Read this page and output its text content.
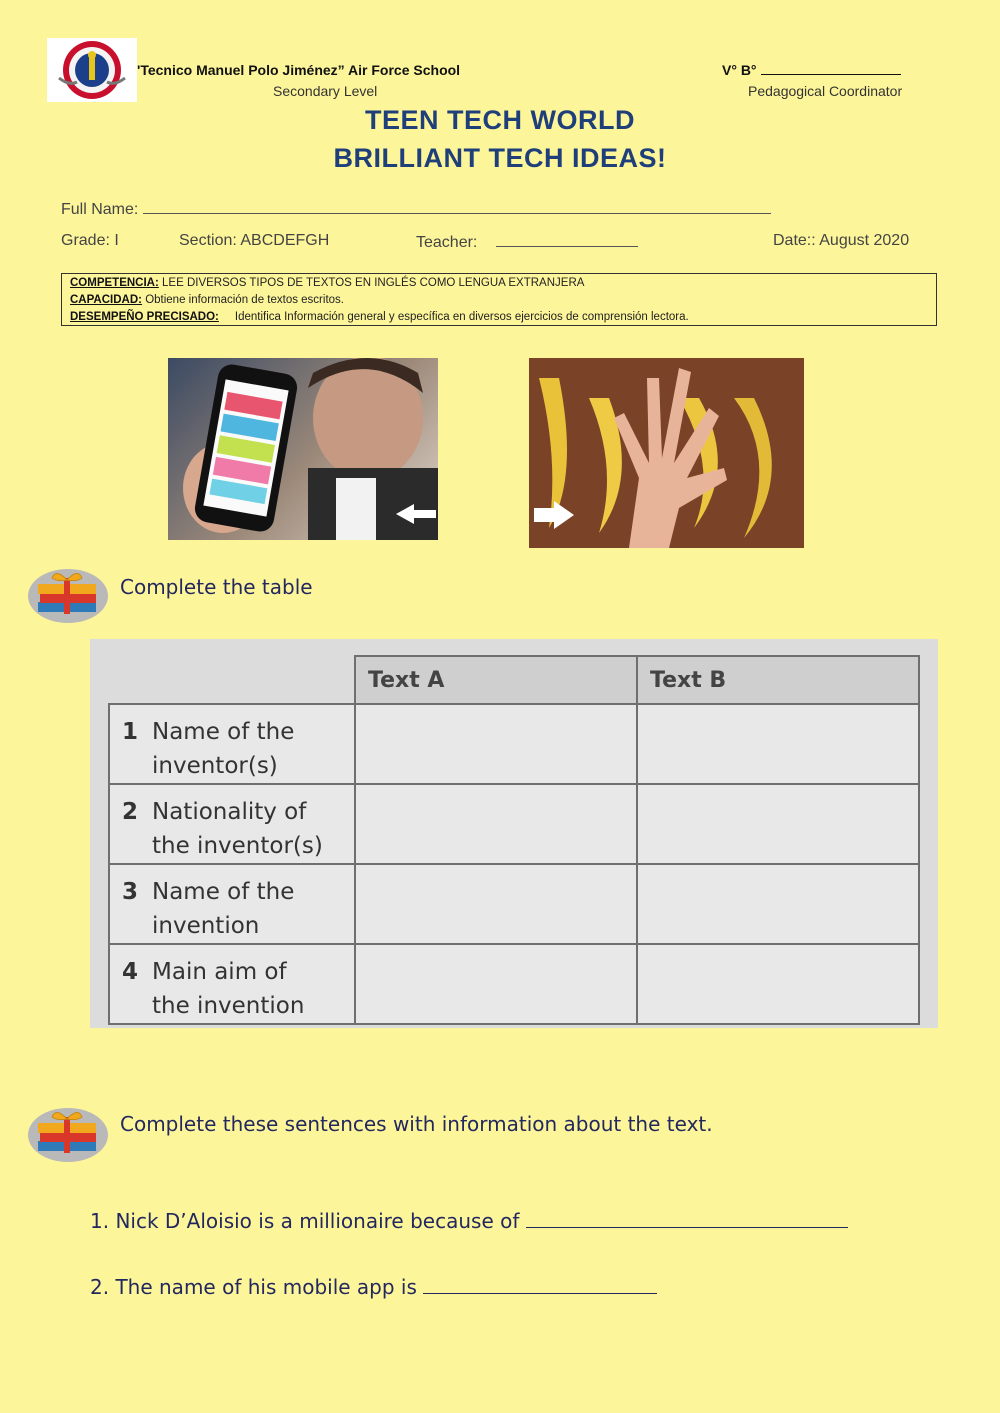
'Tecnico Manuel Polo Jiménez” Air Force School
Secondary Level
V° B°
Pedagogical Coordinator
TEEN TECH WORLD
BRILLIANT TECH IDEAS!
Full Name:
Grade: I	Section: ABCDEFGH	Teacher:	Date:: August 2020
COMPETENCIA: LEE DIVERSOS TIPOS DE TEXTOS EN INGLÉS COMO LENGUA EXTRANJERA
CAPACIDAD: Obtiene información de textos escritos.
DESEMPEÑO PRECISADO: Identifica Información general y específica en diversos ejercicios de comprensión lectora.
Complete the table
	Text A	Text B

1 Name of the
inventor(s)		

2 Nationality of
the inventor(s)		

3 Name of the
invention		

4 Main aim of
the invention		

Complete these sentences with information about the text.
1. Nick D’Aloisio is a millionaire because of
2. The name of his mobile app is
